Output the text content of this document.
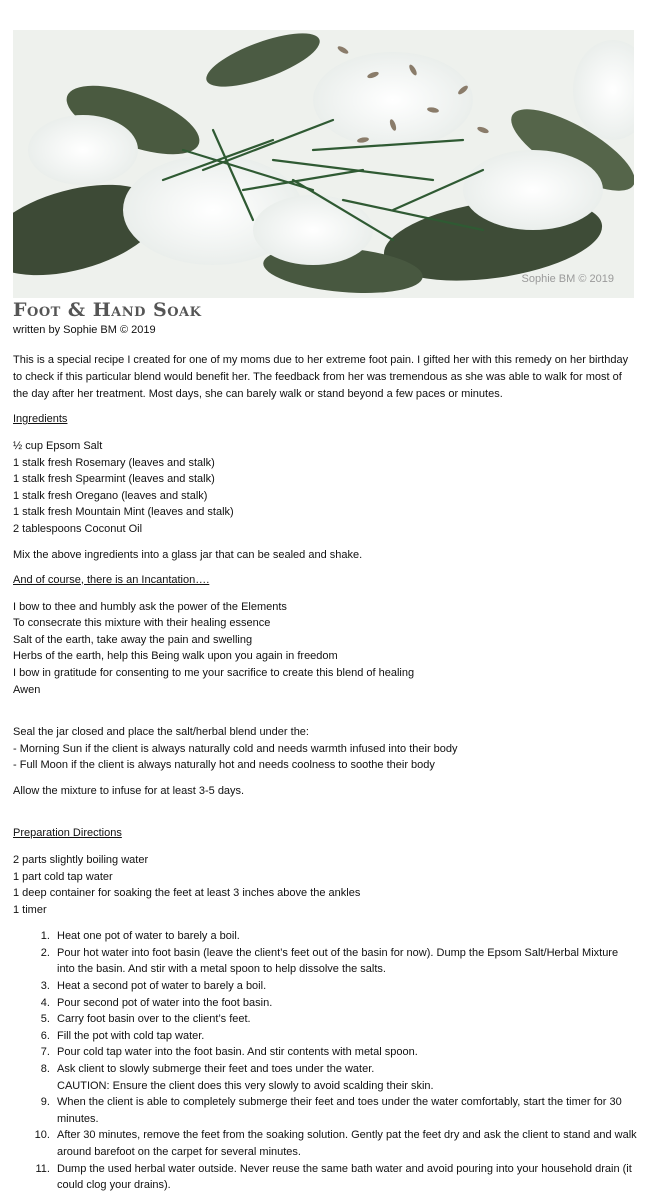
Sophie BM © 2019
Foot & Hand Soak

written by Sophie BM © 2019

This is a special recipe I created for one of my moms due to her extreme foot pain. I gifted her with this remedy on her birthday to check if this particular blend would benefit her. The feedback from her was tremendous as she was able to walk for most of the day after her treatment. Most days, she can barely walk or stand beyond a few paces or minutes.

Ingredients
½ cup Epsom Salt
1 stalk fresh Rosemary (leaves and stalk)
1 stalk fresh Spearmint (leaves and stalk)
1 stalk fresh Oregano (leaves and stalk)
1 stalk fresh Mountain Mint (leaves and stalk)
2 tablespoons Coconut Oil

Mix the above ingredients into a glass jar that can be sealed and shake.

And of course, there is an Incantation….
I bow to thee and humbly ask the power of the Elements
To consecrate this mixture with their healing essence
Salt of the earth, take away the pain and swelling
Herbs of the earth, help this Being walk upon you again in freedom
I bow in gratitude for consenting to me your sacrifice to create this blend of healing
Awen
Seal the jar closed and place the salt/herbal blend under the:
- Morning Sun if the client is always naturally cold and needs warmth infused into their body
- Full Moon if the client is always naturally hot and needs coolness to soothe their body

Allow the mixture to infuse for at least 3-5 days.

Preparation Directions
2 parts slightly boiling water
1 part cold tap water
1 deep container for soaking the feet at least 3 inches above the ankles
1 timer
1. Heat one pot of water to barely a boil.
2. Pour hot water into foot basin (leave the client’s feet out of the basin for now). Dump the Epsom Salt/Herbal Mixture into the basin. And stir with a metal spoon to help dissolve the salts.
3. Heat a second pot of water to barely a boil.
4. Pour second pot of water into the foot basin.
5. Carry foot basin over to the client’s feet.
6. Fill the pot with cold tap water.
7. Pour cold tap water into the foot basin. And stir contents with metal spoon.
8. Ask client to slowly submerge their feet and toes under the water.
CAUTION: Ensure the client does this very slowly to avoid scalding their skin.
9. When the client is able to completely submerge their feet and toes under the water comfortably, start the timer for 30 minutes.
10. After 30 minutes, remove the feet from the soaking solution. Gently pat the feet dry and ask the client to stand and walk around barefoot on the carpet for several minutes.
11. Dump the used herbal water outside. Never reuse the same bath water and avoid pouring into your household drain (it could clog your drains).
